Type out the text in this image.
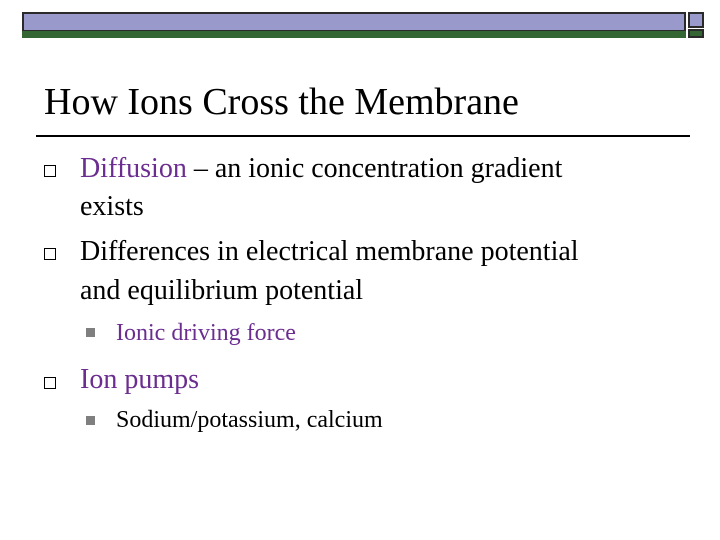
How Ions Cross the Membrane
Diffusion – an ionic concentration gradient
exists
Differences in electrical membrane potential
and equilibrium potential
Ionic driving force
Ion pumps
Sodium/potassium, calcium
